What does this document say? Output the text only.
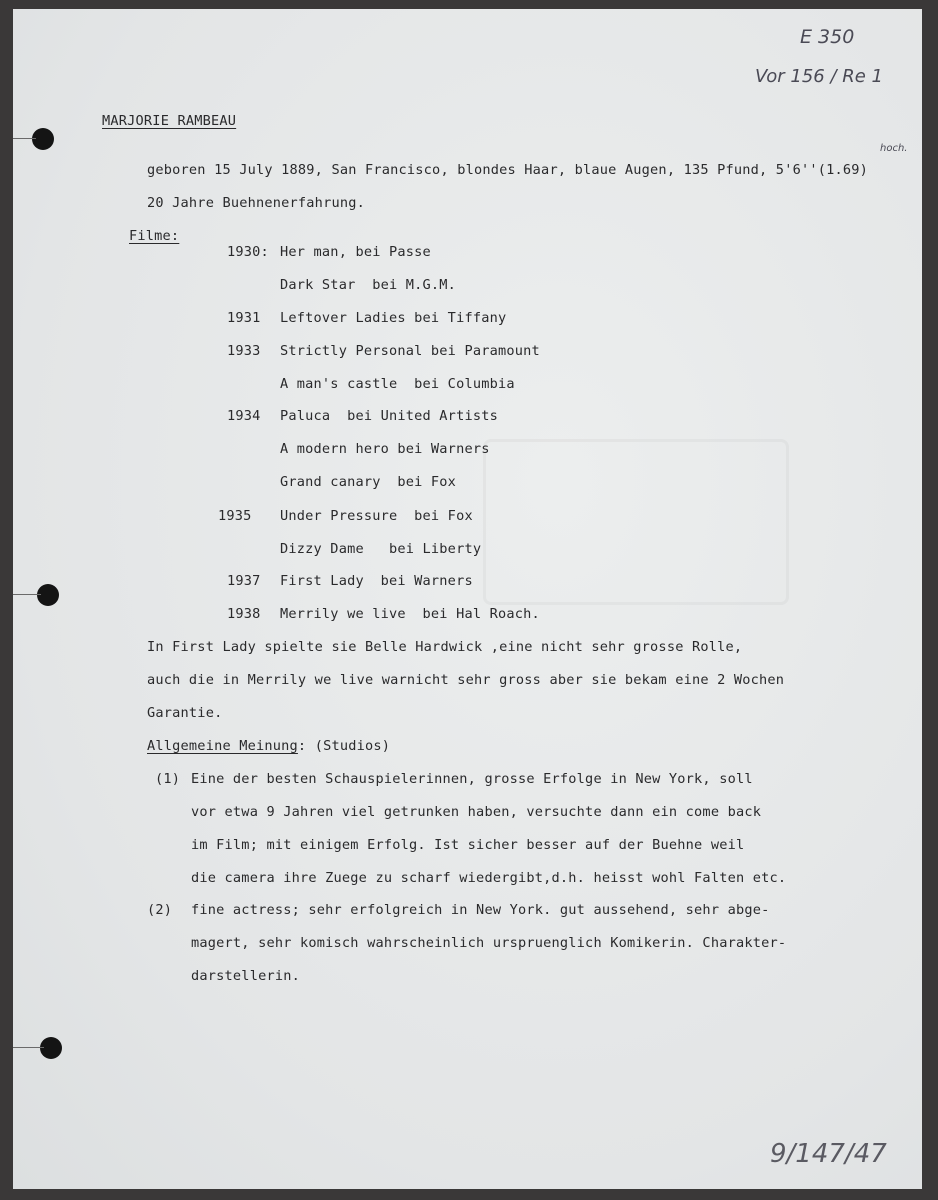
E 350
Vor 156 / Re 1
hoch.
9/147/47
MARJORIE RAMBEAU
geboren 15 July 1889, San Francisco, blondes Haar, blaue Augen, 135 Pfund, 5'6''(1.69)
20 Jahre Buehnenerfahrung.
Filme:
1930: Her man, bei Passe
Dark Star  bei M.G.M.
1931 Leftover Ladies bei Tiffany
1933 Strictly Personal bei Paramount
A man's castle  bei Columbia
1934 Paluca  bei United Artists
A modern hero bei Warners
Grand canary  bei Fox
1935 Under Pressure  bei Fox
Dizzy Dame   bei Liberty
1937 First Lady  bei Warners
1938 Merrily we live  bei Hal Roach.
In First Lady spielte sie Belle Hardwick ,eine nicht sehr grosse Rolle,
auch die in Merrily we live warnicht sehr gross aber sie bekam eine 2 Wochen
Garantie.
Allgemeine Meinung: (Studios)
(1) Eine der besten Schauspielerinnen, grosse Erfolge in New York, soll
vor etwa 9 Jahren viel getrunken haben, versuchte dann ein come back
im Film; mit einigem Erfolg. Ist sicher besser auf der Buehne weil
die camera ihre Zuege zu scharf wiedergibt,d.h. heisst wohl Falten etc.
(2) fine actress; sehr erfolgreich in New York. gut aussehend, sehr abge-
magert, sehr komisch wahrscheinlich urspruenglich Komikerin. Charakter-
darstellerin.
